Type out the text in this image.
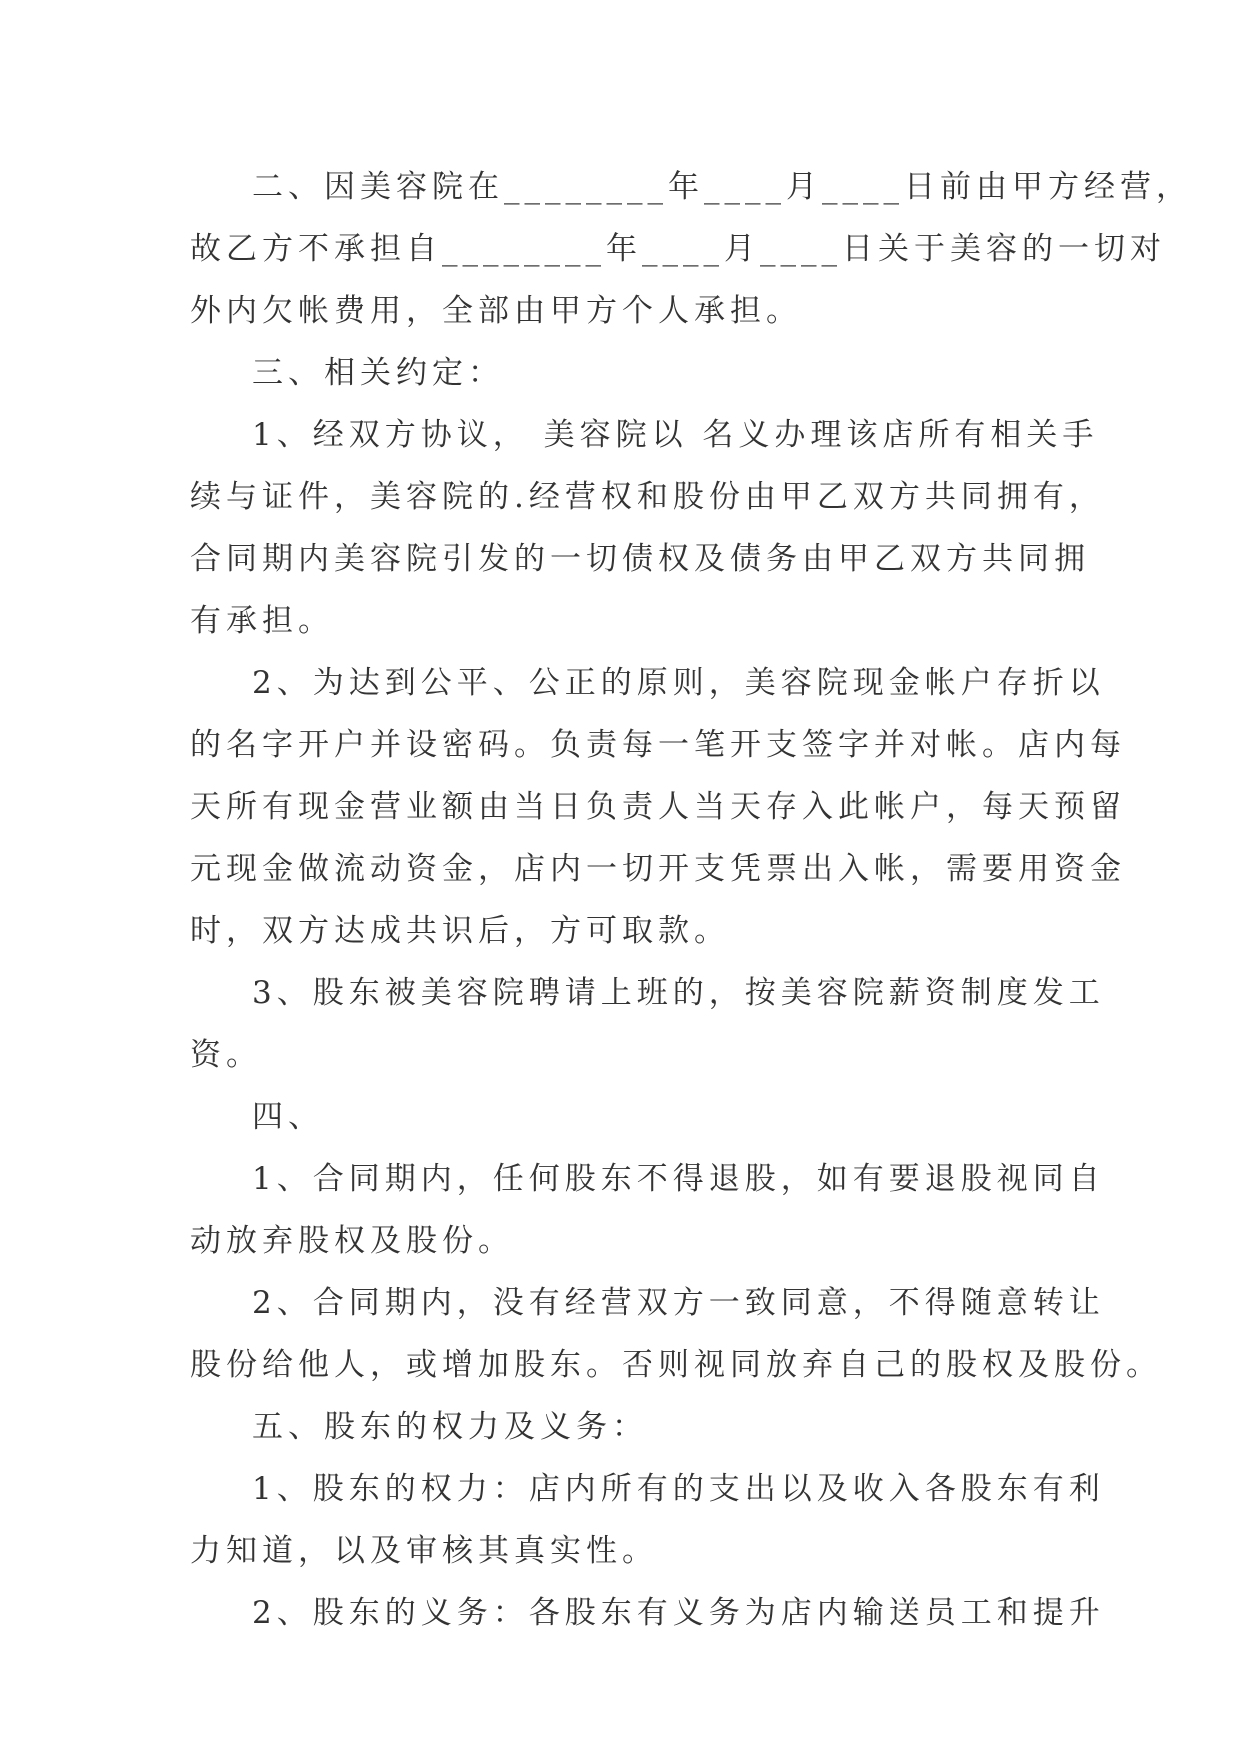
二、因美容院在________年____月____日前由甲方经营，
故乙方不承担自________年____月____日关于美容的一切对
外内欠帐费用，全部由甲方个人承担。

三、相关约定：

1、经双方协议， 美容院以 名义办理该店所有相关手
续与证件，美容院的.经营权和股份由甲乙双方共同拥有，
合同期内美容院引发的一切债权及债务由甲乙双方共同拥
有承担。

2、为达到公平、公正的原则，美容院现金帐户存折以
的名字开户并设密码。负责每一笔开支签字并对帐。店内每
天所有现金营业额由当日负责人当天存入此帐户，每天预留
元现金做流动资金，店内一切开支凭票出入帐，需要用资金
时，双方达成共识后，方可取款。

3、股东被美容院聘请上班的，按美容院薪资制度发工
资。

四、

1、合同期内，任何股东不得退股，如有要退股视同自
动放弃股权及股份。

2、合同期内，没有经营双方一致同意，不得随意转让
股份给他人，或增加股东。否则视同放弃自己的股权及股份。

五、股东的权力及义务：

1、股东的权力：店内所有的支出以及收入各股东有利
力知道，以及审核其真实性。

2、股东的义务：各股东有义务为店内输送员工和提升
